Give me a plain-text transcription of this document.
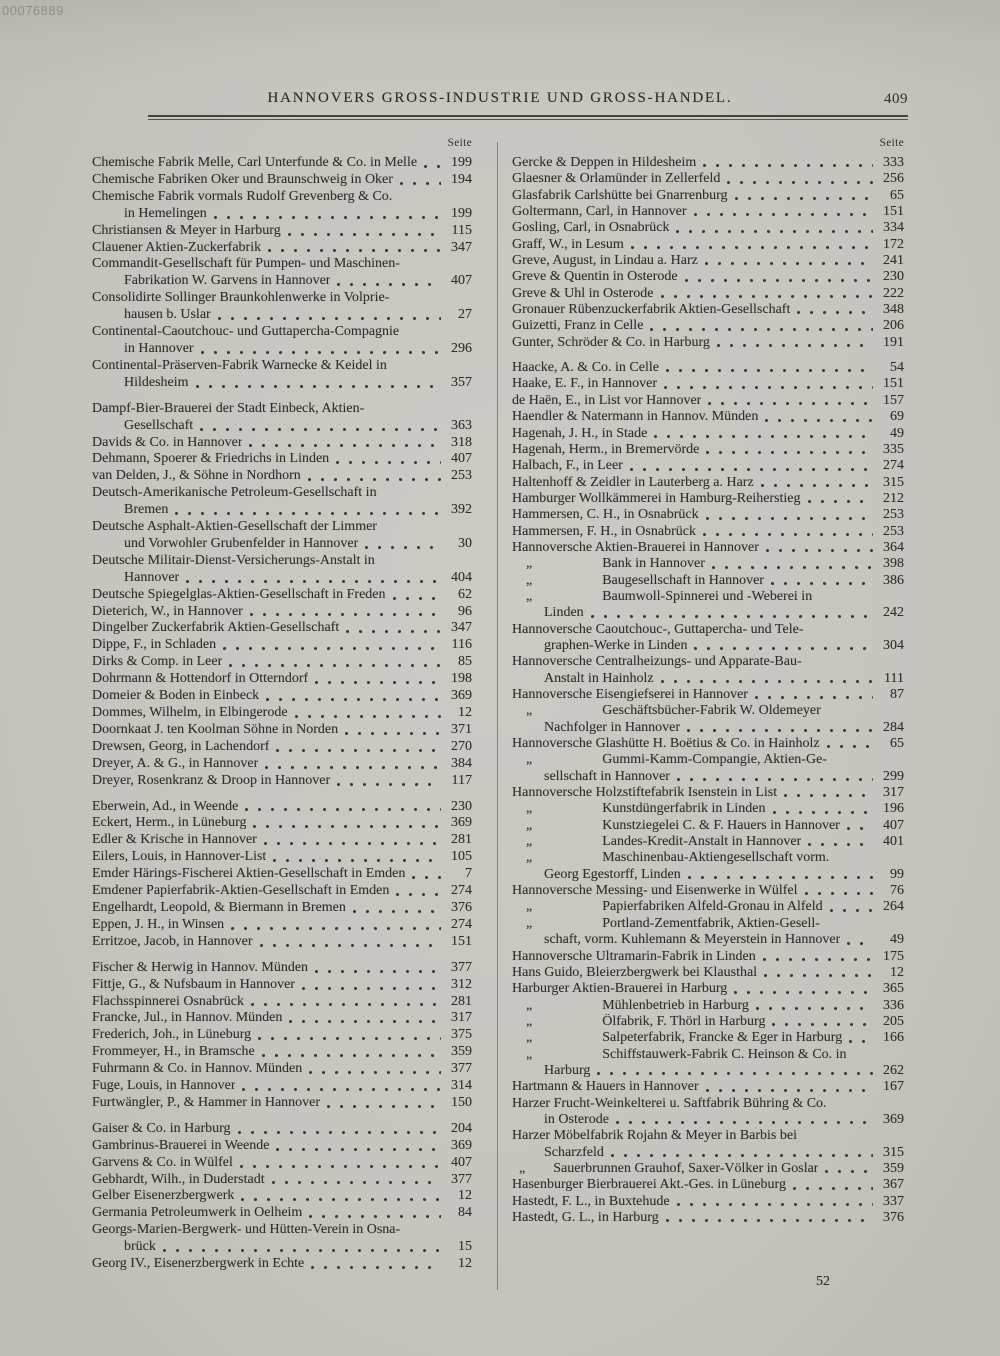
00076889
HANNOVERS GROSS-INDUSTRIE UND GROSS-HANDEL.	409
Seite
Chemische Fabrik Melle, Carl Unterfunde & Co. in Melle	199
Chemische Fabriken Oker und Braunschweig in Oker	194
Chemische Fabrik vormals Rudolf Grevenberg & Co.
in Hemelingen	199
Christiansen & Meyer in Harburg	115
Clauener Aktien-Zuckerfabrik	347
Commandit-Gesellschaft für Pumpen- und Maschinen-
Fabrikation W. Garvens in Hannover	407
Consolidirte Sollinger Braunkohlenwerke in Volprie-
hausen b. Uslar	27
Continental-Caoutchouc- und Guttapercha-Compagnie
in Hannover	296
Continental-Präserven-Fabrik Warnecke & Keidel in
Hildesheim	357
Dampf-Bier-Brauerei der Stadt Einbeck, Aktien-
Gesellschaft	363
Davids & Co. in Hannover	318
Dehmann, Spoerer & Friedrichs in Linden	407
van Delden, J., & Söhne in Nordhorn	253
Deutsch-Amerikanische Petroleum-Gesellschaft in
Bremen	392
Deutsche Asphalt-Aktien-Gesellschaft der Limmer
und Vorwohler Grubenfelder in Hannover	30
Deutsche Militair-Dienst-Versicherungs-Anstalt in
Hannover	404
Deutsche Spiegelglas-Aktien-Gesellschaft in Freden	62
Dieterich, W., in Hannover	96
Dingelber Zuckerfabrik Aktien-Gesellschaft	347
Dippe, F., in Schladen	116
Dirks & Comp. in Leer	85
Dohrmann & Hottendorf in Otterndorf	198
Domeier & Boden in Einbeck	369
Dommes, Wilhelm, in Elbingerode	12
Doornkaat J. ten Koolman Söhne in Norden	371
Drewsen, Georg, in Lachendorf	270
Dreyer, A. & G., in Hannover	384
Dreyer, Rosenkranz & Droop in Hannover	117
Eberwein, Ad., in Weende	230
Eckert, Herm., in Lüneburg	369
Edler & Krische in Hannover	281
Eilers, Louis, in Hannover-List	105
Emder Härings-Fischerei Aktien-Gesellschaft in Emden	7
Emdener Papierfabrik-Aktien-Gesellschaft in Emden	274
Engelhardt, Leopold, & Biermann in Bremen	376
Eppen, J. H., in Winsen	274
Erritzoe, Jacob, in Hannover	151
Fischer & Herwig in Hannov. Münden	377
Fittje, G., & Nufsbaum in Hannover	312
Flachsspinnerei Osnabrück	281
Francke, Jul., in Hannov. Münden	317
Frederich, Joh., in Lüneburg	375
Frommeyer, H., in Bramsche	359
Fuhrmann & Co. in Hannov. Münden	377
Fuge, Louis, in Hannover	314
Furtwängler, P., & Hammer in Hannover	150
Gaiser & Co. in Harburg	204
Gambrinus-Brauerei in Weende	369
Garvens & Co. in Wülfel	407
Gebhardt, Wilh., in Duderstadt	377
Gelber Eisenerzbergwerk	12
Germania Petroleumwerk in Oelheim	84
Georgs-Marien-Bergwerk- und Hütten-Verein in Osna-
brück	15
Georg IV., Eisenerzbergwerk in Echte	12
Seite
Gercke & Deppen in Hildesheim	333
Glaesner & Orlamünder in Zellerfeld	256
Glasfabrik Carlshütte bei Gnarrenburg	65
Goltermann, Carl, in Hannover	151
Gosling, Carl, in Osnabrück	334
Graff, W., in Lesum	172
Greve, August, in Lindau a. Harz	241
Greve & Quentin in Osterode	230
Greve & Uhl in Osterode	222
Gronauer Rübenzuckerfabrik Aktien-Gesellschaft	348
Guizetti, Franz in Celle	206
Gunter, Schröder & Co. in Harburg	191
Haacke, A. & Co. in Celle	54
Haake, E. F., in Hannover	151
de Haën, E., in List vor Hannover	157
Haendler & Natermann in Hannov. Münden	69
Hagenah, J. H., in Stade	49
Hagenah, Herm., in Bremervörde	335
Halbach, F., in Leer	274
Haltenhoff & Zeidler in Lauterberg a. Harz	315
Hamburger Wollkämmerei in Hamburg-Reiherstieg	212
Hammersen, C. H., in Osnabrück	253
Hammersen, F. H., in Osnabrück	253
Hannoversche Aktien-Brauerei in Hannover	364
 „     Bank in Hannover	398
 „     Baugesellschaft in Hannover	386
 „     Baumwoll-Spinnerei und -Weberei in
Linden	242
Hannoversche Caoutchouc-, Guttapercha- und Tele-
graphen-Werke in Linden	304
Hannoversche Centralheizungs- und Apparate-Bau-
Anstalt in Hainholz	111
Hannoversche Eisengiefserei in Hannover	87
 „     Geschäftsbücher-Fabrik W. Oldemeyer
Nachfolger in Hannover	284
Hannoversche Glashütte H. Boëtius & Co. in Hainholz	65
 „     Gummi-Kamm-Compangie, Aktien-Ge-
sellschaft in Hannover	299
Hannoversche Holzstiftefabrik Isenstein in List	317
 „     Kunstdüngerfabrik in Linden	196
 „     Kunstziegelei C. & F. Hauers in Hannover	407
 „     Landes-Kredit-Anstalt in Hannover	401
 „     Maschinenbau-Aktiengesellschaft vorm.
Georg Egestorff, Linden	99
Hannoversche Messing- und Eisenwerke in Wülfel	76
 „     Papierfabriken Alfeld-Gronau in Alfeld	264
 „     Portland-Zementfabrik, Aktien-Gesell-
schaft, vorm. Kuhlemann & Meyerstein in Hannover	49
Hannoversche Ultramarin-Fabrik in Linden	175
Hans Guido, Bleierzbergwerk bei Klausthal	12
Harburger Aktien-Brauerei in Harburg	365
 „     Mühlenbetrieb in Harburg	336
 „     Ölfabrik, F. Thörl in Harburg	205
 „     Salpeterfabrik, Francke & Eger in Harburg	166
 „     Schiffstauwerk-Fabrik C. Heinson & Co. in
Harburg	262
Hartmann & Hauers in Hannover	167
Harzer Frucht-Weinkelterei u. Saftfabrik Bühring & Co.
in Osterode	369
Harzer Möbelfabrik Rojahn & Meyer in Barbis bei
Scharzfeld	315
 „  Sauerbrunnen Grauhof, Saxer-Völker in Goslar	359
Hasenburger Bierbrauerei Akt.-Ges. in Lüneburg	367
Hastedt, F. L., in Buxtehude	337
Hastedt, G. L., in Harburg	376
52
